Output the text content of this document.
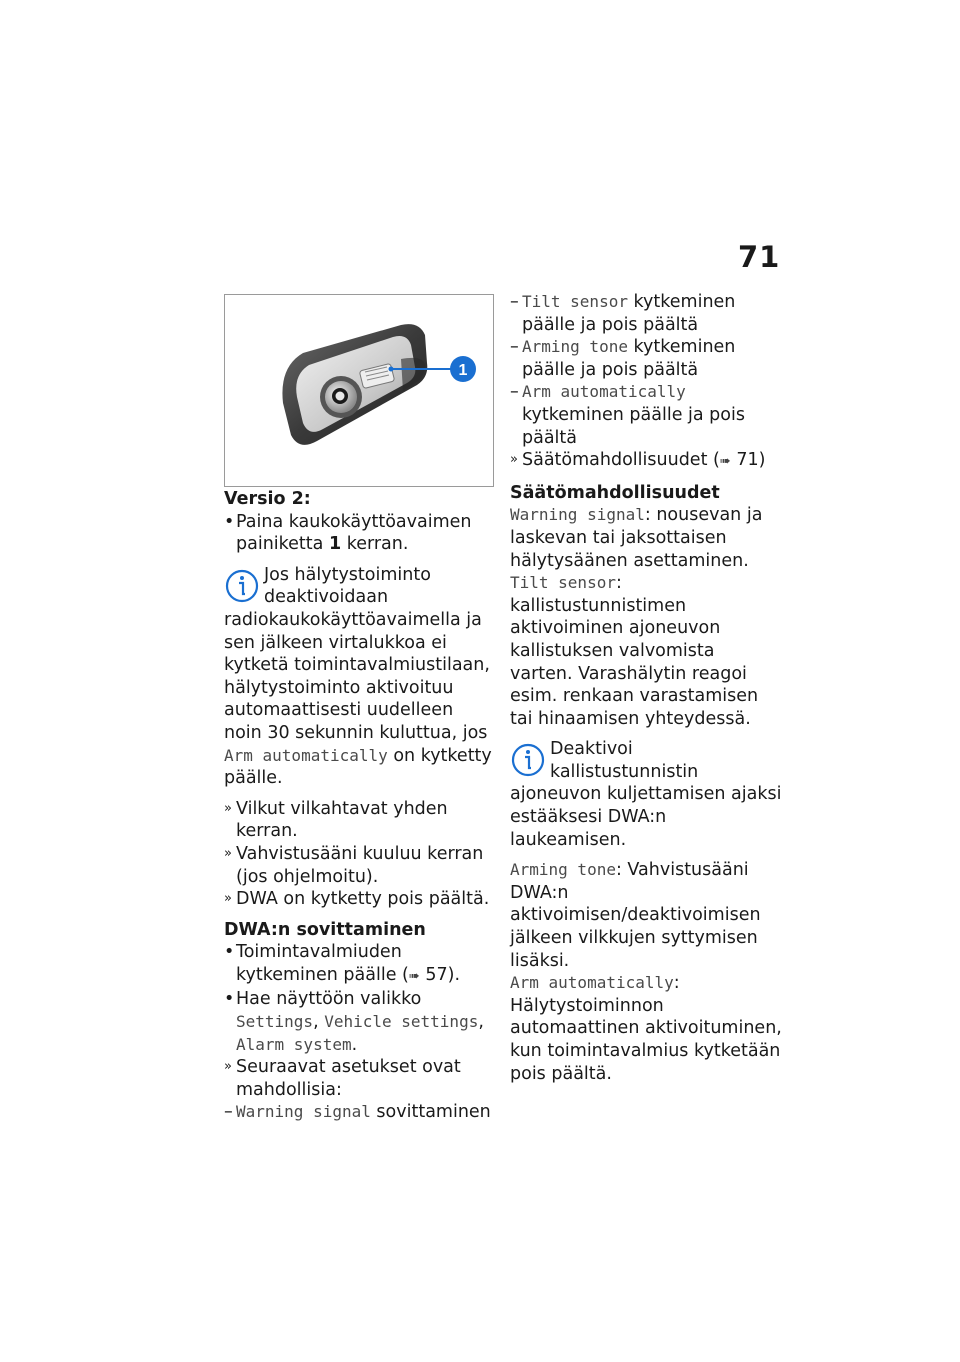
71
1
Versio 2:

• Paina kaukokäyttöavaimen painiketta 1 kerran.

Jos hälytystoiminto deaktivoidaan radiokaukokäyttöavaimella ja sen jälkeen virtalukkoa ei kytketä toimintavalmiustilaan, hälytystoiminto aktivoituu automaattisesti uudelleen noin 30 sekunnin kuluttua, jos Arm automatically on kytketty päälle.

» Vilkut vilkahtavat yhden kerran.

» Vahvistusääni kuuluu kerran (jos ohjelmoitu).

» DWA on kytketty pois päältä.

DWA:n sovittaminen

• Toimintavalmiuden kytkeminen päälle (➠ 57).

• Hae näyttöön valikko Settings, Vehicle settings, Alarm system.

» Seuraavat asetukset ovat mahdollisia:

– Warning signal sovittaminen

– Tilt sensor kytkeminen päälle ja pois päältä

– Arming tone kytkeminen päälle ja pois päältä

– Arm automatically kytkeminen päälle ja pois päältä

» Säätömahdollisuudet (➠ 71)

Säätömahdollisuudet

Warning signal: nousevan ja laskevan tai jaksottaisen hälytysäänen asettaminen.

Tilt sensor: kallistustunnistimen aktivoiminen ajoneuvon kallistuksen valvomista varten. Varashälytin reagoi esim. renkaan varastamisen tai hinaamisen yhteydessä.

Deaktivoi kallistustunnistin ajoneuvon kuljettamisen ajaksi estääksesi DWA:n laukeamisen.

Arming tone: Vahvistusääni DWA:n aktivoimisen/deaktivoimisen jälkeen vilkkujen syttymisen lisäksi.

Arm automatically: Hälytystoiminnon automaattinen aktivoituminen, kun toimintavalmius kytketään pois päältä.
